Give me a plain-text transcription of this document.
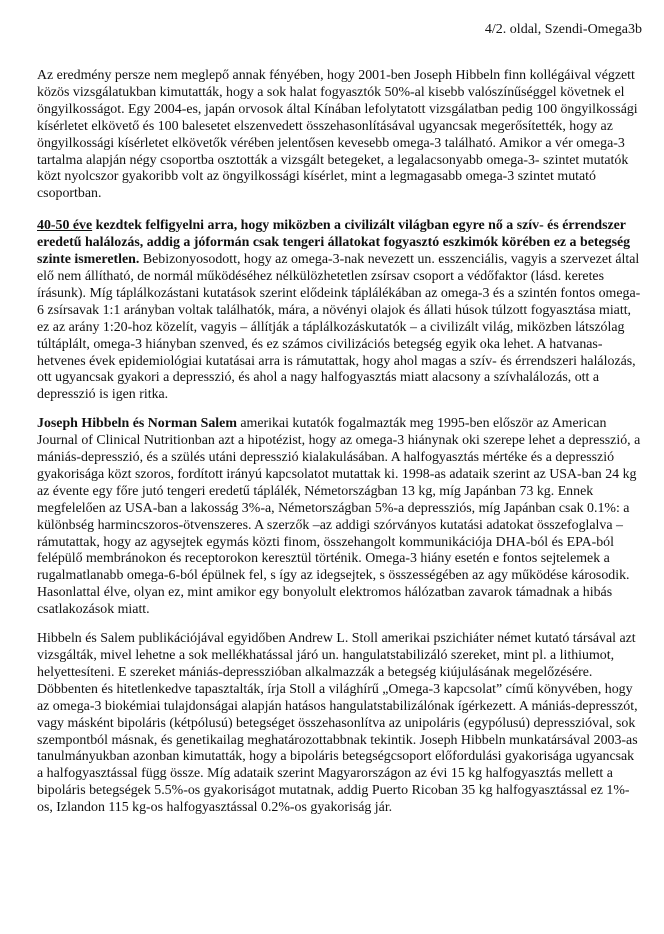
4/2. oldal, Szendi-Omega3b

Az eredmény persze nem meglepő annak fényében, hogy 2001-ben Joseph Hibbeln finn kollégáival végzett közös vizsgálatukban kimutatták, hogy a sok halat fogyasztók 50%-al kisebb valószínűséggel követnek el öngyilkosságot. Egy 2004-es, japán orvosok által Kínában lefolytatott vizsgálatban pedig 100 öngyilkossági kísérletet elkövető és 100 balesetet elszenvedett összehasonlításával ugyancsak megerősítették, hogy az öngyilkossági kísérletet elkövetők vérében jelentősen kevesebb omega-3 található. Amikor a vér omega-3 tartalma alapján négy csoportba osztották a vizsgált betegeket, a legalacsonyabb omega-3- szintet mutatók közt nyolcszor gyakoribb volt az öngyilkossági kísérlet, mint a legmagasabb omega-3 szintet mutató csoportban.

40-50 éve kezdtek felfigyelni arra, hogy miközben a civilizált világban egyre nő a szív- és érrendszer eredetű halálozás, addig a jóformán csak tengeri állatokat fogyasztó eszkimók körében ez a betegség szinte ismeretlen. Bebizonyosodott, hogy az omega-3-nak nevezett un. esszenciális, vagyis a szervezet által elő nem állítható, de normál működéséhez nélkülözhetetlen zsírsav csoport a védőfaktor (lásd. keretes írásunk). Míg táplálkozástani kutatások szerint elődeink táplálékában az omega-3 és a szintén fontos omega-6 zsírsavak 1:1 arányban voltak találhatók, mára, a növényi olajok és állati húsok túlzott fogyasztása miatt, ez az arány 1:20-hoz közelít, vagyis – állítják a táplálkozáskutatók – a civilizált világ, miközben látszólag túltáplált, omega-3 hiányban szenved, és ez számos civilizációs betegség egyik oka lehet. A hatvanas-hetvenes évek epidemiológiai kutatásai arra is rámutattak, hogy ahol magas a szív- és érrendszeri halálozás, ott ugyancsak gyakori a depresszió, és ahol a nagy halfogyasztás miatt alacsony a szívhalálozás, ott a depresszió is igen ritka.

Joseph Hibbeln és Norman Salem amerikai kutatók fogalmazták meg 1995-ben először az American Journal of Clinical Nutritionban azt a hipotézist, hogy az omega-3 hiánynak oki szerepe lehet a depresszió, a mániás-depresszió, és a szülés utáni depresszió kialakulásában. A halfogyasztás mértéke és a depresszió gyakorisága közt szoros, fordított irányú kapcsolatot mutattak ki. 1998-as adataik szerint az USA-ban 24 kg az évente egy főre jutó tengeri eredetű táplálék, Németországban 13 kg, míg Japánban 73 kg. Ennek megfelelően az USA-ban a lakosság 3%-a, Németországban 5%-a depressziós, míg Japánban csak 0.1%: a különbség harmincszoros-ötvenszeres. A szerzők –az addigi szórványos kutatási adatokat összefoglalva – rámutattak, hogy az agysejtek egymás közti finom, összehangolt kommunikációja DHA-ból és EPA-ból felépülő membránokon és receptorokon keresztül történik. Omega-3 hiány esetén e fontos sejtelemek a rugalmatlanabb omega-6-ból épülnek fel, s így az idegsejtek, s összességében az agy működése károsodik. Hasonlattal élve, olyan ez, mint amikor egy bonyolult elektromos hálózatban zavarok támadnak a hibás csatlakozások miatt.

Hibbeln és Salem publikációjával egyidőben Andrew L. Stoll amerikai pszichiáter német kutató társával azt vizsgálták, mivel lehetne a sok mellékhatással járó un. hangulatstabilizáló szereket, mint pl. a lithiumot, helyettesíteni. E szereket mániás-depresszióban alkalmazzák a betegség kiújulásának megelőzésére. Döbbenten és hitetlenkedve tapasztalták, írja Stoll a világhírű „Omega-3 kapcsolat” című könyvében, hogy az omega-3 biokémiai tulajdonságai alapján hatásos hangulatstabilizálónak ígérkezett. A mániás-depresszót, vagy másként bipoláris (kétpólusú) betegséget összehasonlítva az unipoláris (egypólusú) depresszióval, sok szempontból másnak, és genetikailag meghatározottabbnak tekintik. Joseph Hibbeln munkatársával 2003-as tanulmányukban azonban kimutatták, hogy a bipoláris betegségcsoport előfordulási gyakorisága ugyancsak a halfogyasztással függ össze. Míg adataik szerint Magyarországon az évi 15 kg halfogyasztás mellett a bipoláris betegségek 5.5%-os gyakoriságot mutatnak, addig Puerto Ricoban 35 kg halfogyasztással ez 1%-os, Izlandon 115 kg-os halfogyasztással 0.2%-os gyakoriság jár.
